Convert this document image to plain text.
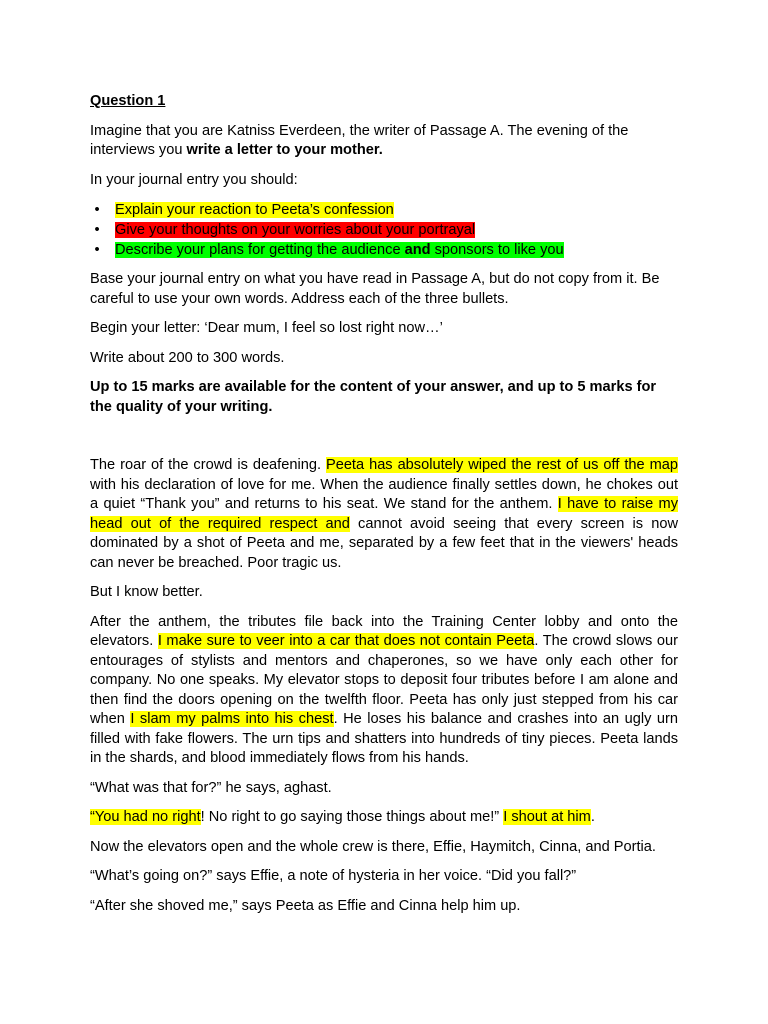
Question 1

Imagine that you are Katniss Everdeen, the writer of Passage A. The evening of the interviews you write a letter to your mother.

In your journal entry you should:

•	Explain your reaction to Peeta’s confession
•	Give your thoughts on your worries about your portrayal
•	Describe your plans for getting the audience and sponsors to like you

Base your journal entry on what you have read in Passage A, but do not copy from it. Be careful to use your own words. Address each of the three bullets.

Begin your letter: ‘Dear mum, I feel so lost right now…’

Write about 200 to 300 words.

Up to 15 marks are available for the content of your answer, and up to 5 marks for the quality of your writing.

The roar of the crowd is deafening. Peeta has absolutely wiped the rest of us off the map with his declaration of love for me. When the audience finally settles down, he chokes out a quiet “Thank you” and returns to his seat. We stand for the anthem. I have to raise my head out of the required respect and cannot avoid seeing that every screen is now dominated by a shot of Peeta and me, separated by a few feet that in the viewers' heads can never be breached. Poor tragic us.

But I know better.

After the anthem, the tributes file back into the Training Center lobby and onto the elevators. I make sure to veer into a car that does not contain Peeta. The crowd slows our entourages of stylists and mentors and chaperones, so we have only each other for company. No one speaks. My elevator stops to deposit four tributes before I am alone and then find the doors opening on the twelfth floor. Peeta has only just stepped from his car when I slam my palms into his chest. He loses his balance and crashes into an ugly urn filled with fake flowers. The urn tips and shatters into hundreds of tiny pieces. Peeta lands in the shards, and blood immediately flows from his hands.

“What was that for?” he says, aghast.

“You had no right! No right to go saying those things about me!” I shout at him.

Now the elevators open and the whole crew is there, Effie, Haymitch, Cinna, and Portia.

“What’s going on?” says Effie, a note of hysteria in her voice. “Did you fall?”

“After she shoved me,” says Peeta as Effie and Cinna help him up.
